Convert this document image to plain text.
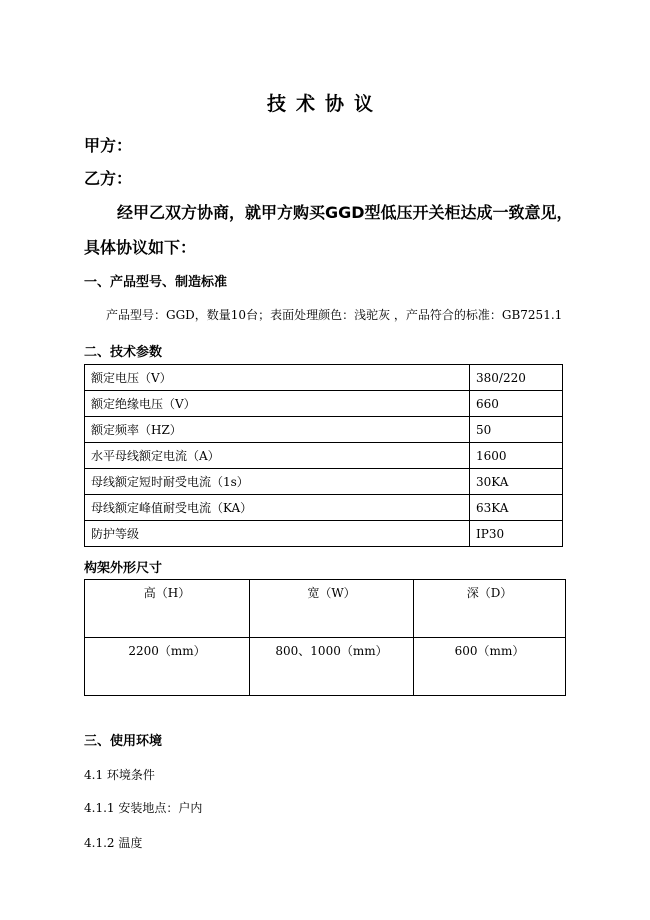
技术协议
甲方：
乙方：
经甲乙双方协商，就甲方购买GGD型低压开关柜达成一致意见，
具体协议如下：
一、产品型号、制造标准
产品型号：GGD，数量10台；表面处理颜色：浅驼灰 ，产品符合的标准：GB7251.1
二、技术参数
额定电压（V）	380/220
额定绝缘电压（V）	660
额定频率（HZ）	50
水平母线额定电流（A）	1600
母线额定短时耐受电流（1s）	30KA
母线额定峰值耐受电流（KA）	63KA
防护等级	IP30
构架外形尺寸
高（H）	宽（W）	深（D）
2200（mm）	800、1000（mm）	600（mm）
三、使用环境
4.1 环境条件
4.1.1 安装地点：户内
4.1.2 温度
